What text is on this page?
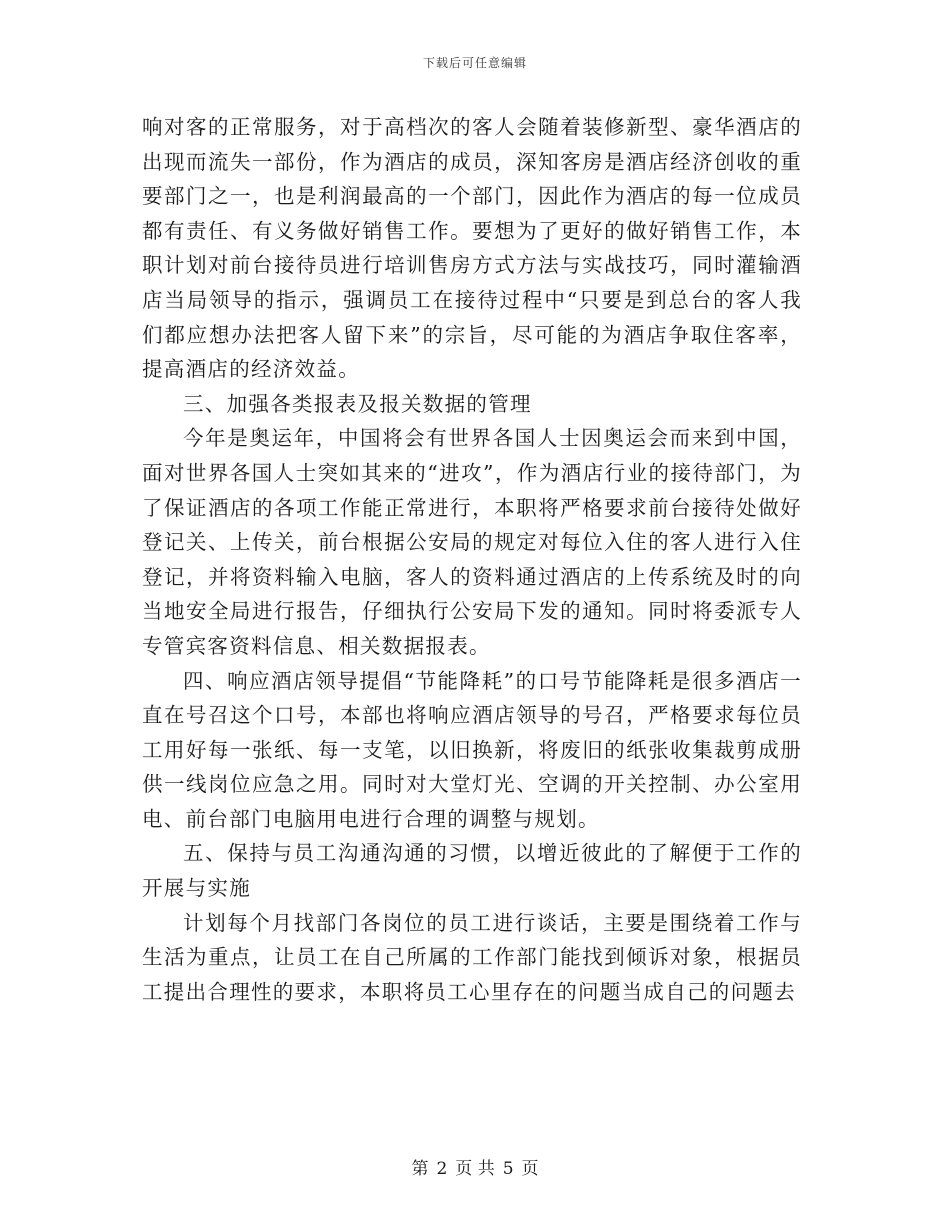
下载后可任意编辑

响对客的正常服务，对于高档次的客人会随着装修新型、豪华酒店的出现而流失一部份，作为酒店的成员，深知客房是酒店经济创收的重要部门之一，也是利润最高的一个部门，因此作为酒店的每一位成员都有责任、有义务做好销售工作。要想为了更好的做好销售工作，本职计划对前台接待员进行培训售房方式方法与实战技巧，同时灌输酒店当局领导的指示，强调员工在接待过程中“只要是到总台的客人我们都应想办法把客人留下来”的宗旨，尽可能的为酒店争取住客率，提高酒店的经济效益。

三、加强各类报表及报关数据的管理

今年是奥运年，中国将会有世界各国人士因奥运会而来到中国，面对世界各国人士突如其来的“进攻”，作为酒店行业的接待部门，为了保证酒店的各项工作能正常进行，本职将严格要求前台接待处做好登记关、上传关，前台根据公安局的规定对每位入住的客人进行入住登记，并将资料输入电脑，客人的资料通过酒店的上传系统及时的向当地安全局进行报告，仔细执行公安局下发的通知。同时将委派专人专管宾客资料信息、相关数据报表。

四、响应酒店领导提倡“节能降耗”的口号节能降耗是很多酒店一直在号召这个口号，本部也将响应酒店领导的号召，严格要求每位员工用好每一张纸、每一支笔，以旧换新，将废旧的纸张收集裁剪成册供一线岗位应急之用。同时对大堂灯光、空调的开关控制、办公室用电、前台部门电脑用电进行合理的调整与规划。

五、保持与员工沟通沟通的习惯，以增近彼此的了解便于工作的开展与实施

计划每个月找部门各岗位的员工进行谈话，主要是围绕着工作与生活为重点，让员工在自己所属的工作部门能找到倾诉对象，根据员工提出合理性的要求，本职将员工心里存在的问题当成自己的问题去

第 2 页 共 5 页
